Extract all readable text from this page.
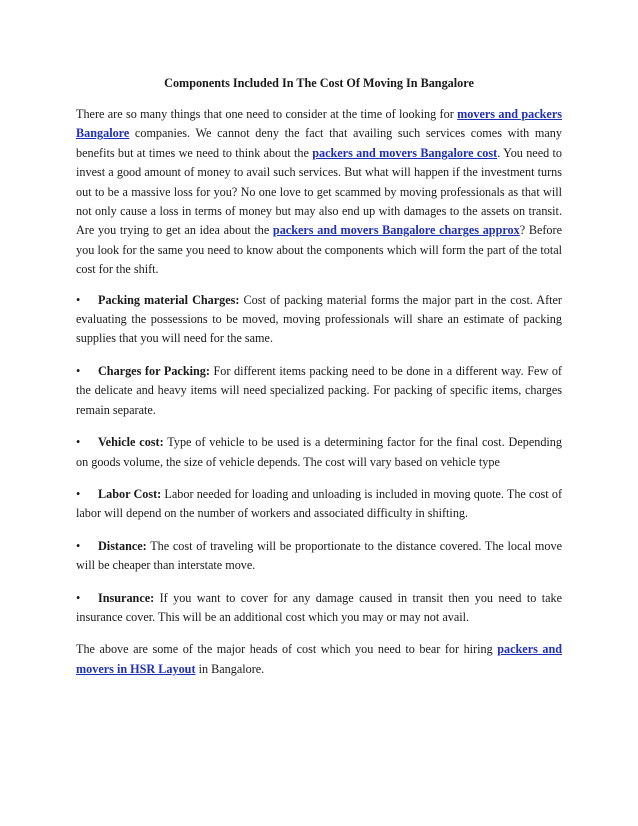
Components Included In The Cost Of Moving In Bangalore

There are so many things that one need to consider at the time of looking for movers and packers Bangalore companies. We cannot deny the fact that availing such services comes with many benefits but at times we need to think about the packers and movers Bangalore cost. You need to invest a good amount of money to avail such services. But what will happen if the investment turns out to be a massive loss for you? No one love to get scammed by moving professionals as that will not only cause a loss in terms of money but may also end up with damages to the assets on transit. Are you trying to get an idea about the packers and movers Bangalore charges approx? Before you look for the same you need to know about the components which will form the part of the total cost for the shift.

• Packing material Charges: Cost of packing material forms the major part in the cost. After evaluating the possessions to be moved, moving professionals will share an estimate of packing supplies that you will need for the same.

• Charges for Packing: For different items packing need to be done in a different way. Few of the delicate and heavy items will need specialized packing. For packing of specific items, charges remain separate.

• Vehicle cost: Type of vehicle to be used is a determining factor for the final cost. Depending on goods volume, the size of vehicle depends. The cost will vary based on vehicle type

• Labor Cost: Labor needed for loading and unloading is included in moving quote. The cost of labor will depend on the number of workers and associated difficulty in shifting.

• Distance: The cost of traveling will be proportionate to the distance covered. The local move will be cheaper than interstate move.

• Insurance: If you want to cover for any damage caused in transit then you need to take insurance cover. This will be an additional cost which you may or may not avail.

The above are some of the major heads of cost which you need to bear for hiring packers and movers in HSR Layout in Bangalore.
